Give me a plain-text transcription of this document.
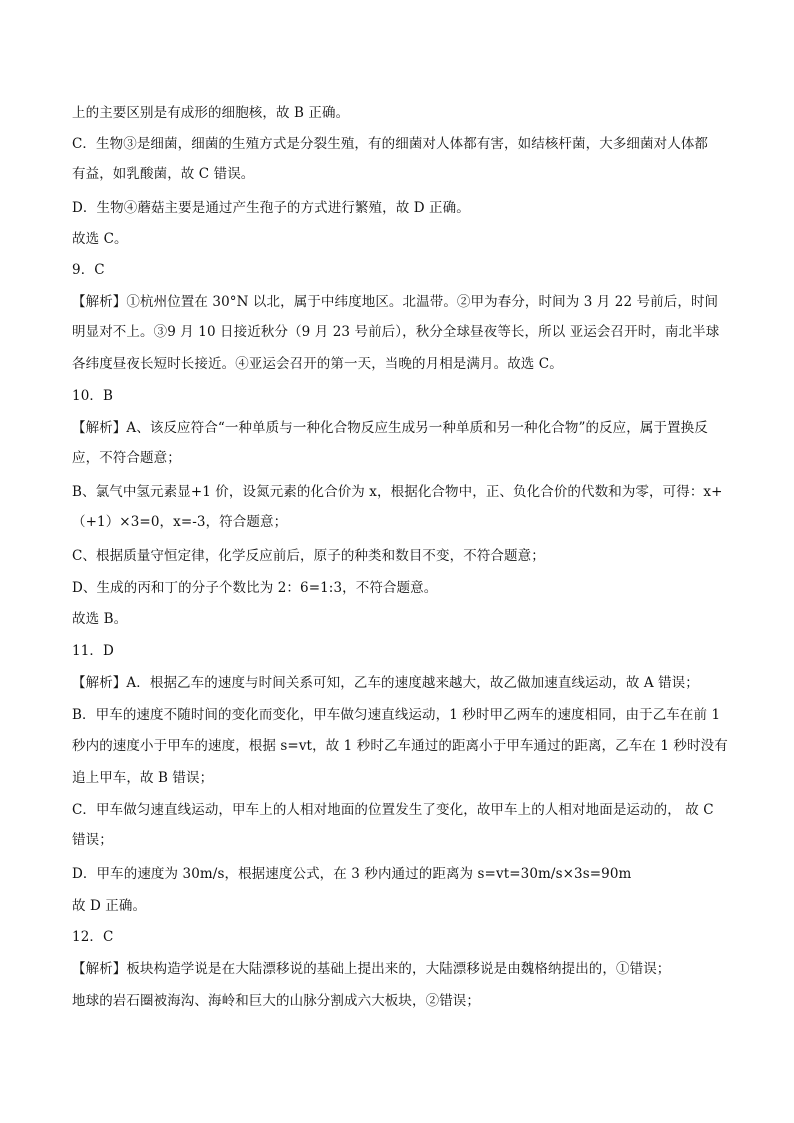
上的主要区别是有成形的细胞核，故 B 正确。
C．生物③是细菌，细菌的生殖方式是分裂生殖，有的细菌对人体都有害，如结核杆菌，大多细菌对人体都
有益，如乳酸菌，故 C 错误。
D．生物④蘑菇主要是通过产生孢子的方式进行繁殖，故 D 正确。
故选 C。
9．C
【解析】①杭州位置在 30°N 以北，属于中纬度地区。北温带。②甲为春分，时间为 3 月 22 号前后，时间
明显对不上。③9 月 10 日接近秋分（9 月 23 号前后），秋分全球昼夜等长，所以 亚运会召开时，南北半球
各纬度昼夜长短时长接近。④亚运会召开的第一天，当晚的月相是满月。故选 C。
10．B
【解析】A、该反应符合“一种单质与一种化合物反应生成另一种单质和另一种化合物”的反应，属于置换反
应，不符合题意；
B、氯气中氢元素显+1 价，设氮元素的化合价为 x，根据化合物中，正、负化合价的代数和为零，可得：x+
（+1）×3=0，x=-3，符合题意；
C、根据质量守恒定律，化学反应前后，原子的种类和数目不变，不符合题意；
D、生成的丙和丁的分子个数比为 2：6=1:3，不符合题意。
故选 B。
11．D
【解析】A．根据乙车的速度与时间关系可知，乙车的速度越来越大，故乙做加速直线运动，故 A 错误；
B．甲车的速度不随时间的变化而变化，甲车做匀速直线运动，1 秒时甲乙两车的速度相同，由于乙车在前 1
秒内的速度小于甲车的速度，根据 s=vt，故 1 秒时乙车通过的距离小于甲车通过的距离，乙车在 1 秒时没有
追上甲车，故 B 错误；
C．甲车做匀速直线运动，甲车上的人相对地面的位置发生了变化，故甲车上的人相对地面是运动的， 故 C
错误；
D．甲车的速度为 30m/s，根据速度公式，在 3 秒内通过的距离为 s=vt=30m/s×3s=90m
故 D 正确。
12．C
【解析】板块构造学说是在大陆漂移说的基础上提出来的，大陆漂移说是由魏格纳提出的，①错误；
地球的岩石圈被海沟、海岭和巨大的山脉分割成六大板块，②错误；
